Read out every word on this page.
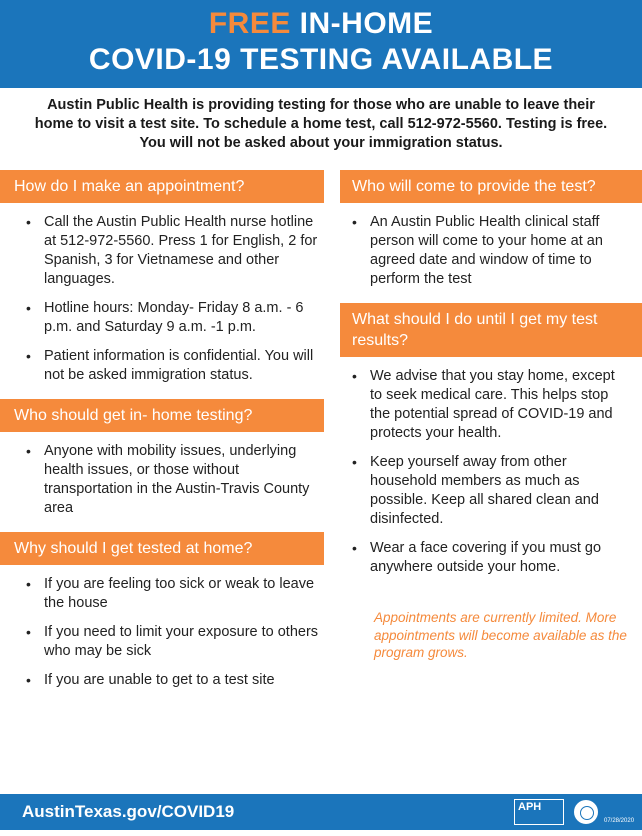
FREE IN-HOME
COVID-19 TESTING AVAILABLE
Austin Public Health is providing testing for those who are unable to leave their home to visit a test site. To schedule a home test, call 512-972-5560. Testing is free. You will not be asked about your immigration status.
How do I make an appointment?
• Call the Austin Public Health nurse hotline at 512-972-5560. Press 1 for English, 2 for Spanish, 3 for Vietnamese and other languages.
• Hotline hours: Monday- Friday 8 a.m. - 6 p.m. and Saturday 9 a.m. -1 p.m.
• Patient information is confidential. You will not be asked immigration status.
Who should get in- home testing?
• Anyone with mobility issues, underlying health issues, or those without transportation in the Austin-Travis County area
Why should I get tested at home?
• If you are feeling too sick or weak to leave the house
• If you need to limit your exposure to others who may be sick
• If you are unable to get to a test site
Who will come to provide the test?
• An Austin Public Health clinical staff person will come to your home at an agreed date and window of time to perform the test
What should I do until I get my test results?
• We advise that you stay home, except to seek medical care. This helps stop the potential spread of COVID-19 and protects your health.
• Keep yourself away from other household members as much as possible. Keep all shared clean and disinfected.
• Wear a face covering if you must go anywhere outside your home.
Appointments are currently limited. More appointments will become available as the program grows.
AustinTexas.gov/COVID19	APH
07/28/2020
